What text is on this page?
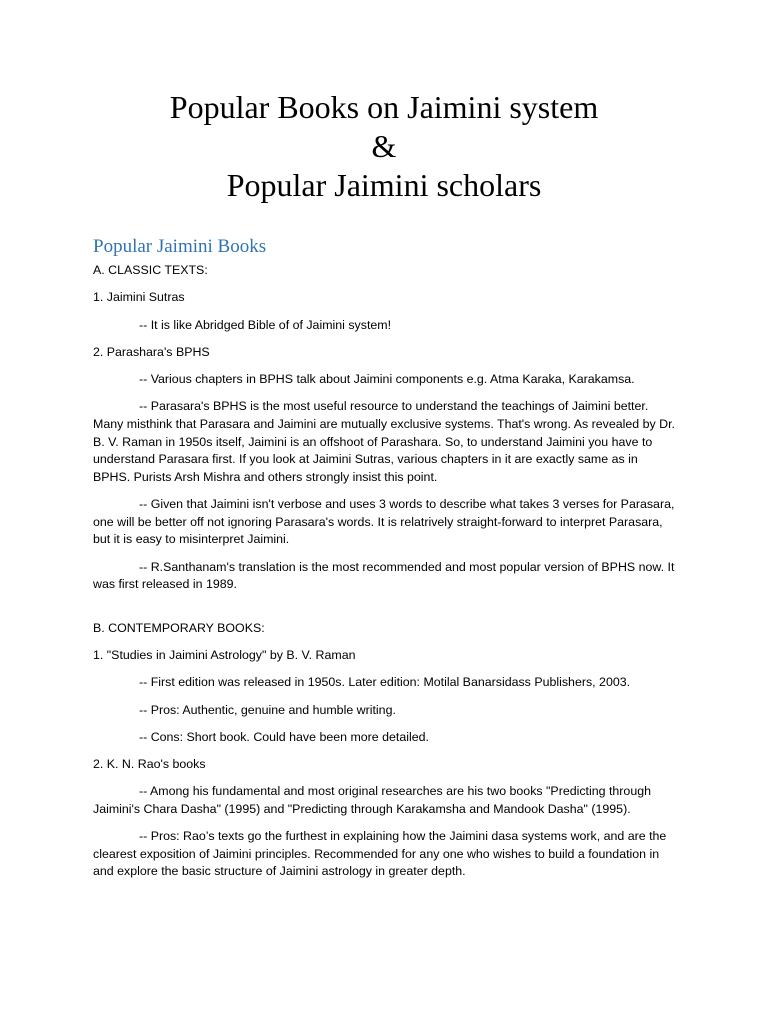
Popular Books on Jaimini system
&
Popular Jaimini scholars
Popular Jaimini Books

A. CLASSIC TEXTS:

1. Jaimini Sutras

-- It is like Abridged Bible of of Jaimini system!

2. Parashara's BPHS

-- Various chapters in BPHS talk about Jaimini components e.g. Atma Karaka, Karakamsa.

-- Parasara's BPHS is the most useful resource to understand the teachings of Jaimini better. Many misthink that Parasara and Jaimini are mutually exclusive systems. That's wrong. As revealed by Dr. B. V. Raman in 1950s itself, Jaimini is an offshoot of Parashara. So, to understand Jaimini you have to understand Parasara first. If you look at Jaimini Sutras, various chapters in it are exactly same as in BPHS. Purists Arsh Mishra and others strongly insist this point.

-- Given that Jaimini isn't verbose and uses 3 words to describe what takes 3 verses for Parasara, one will be better off not ignoring Parasara's words. It is relatrively straight-forward to interpret Parasara, but it is easy to misinterpret Jaimini.

-- R.Santhanam's translation is the most recommended and most popular version of BPHS now. It was first released in 1989.

B. CONTEMPORARY BOOKS:

1. "Studies in Jaimini Astrology" by B. V. Raman

-- First edition was released in 1950s. Later edition: Motilal Banarsidass Publishers, 2003.

-- Pros: Authentic, genuine and humble writing.

-- Cons: Short book. Could have been more detailed.

2. K. N. Rao's books

-- Among his fundamental and most original researches are his two books "Predicting through Jaimini's Chara Dasha" (1995) and "Predicting through Karakamsha and Mandook Dasha" (1995).

-- Pros: Rao’s texts go the furthest in explaining how the Jaimini dasa systems work, and are the clearest exposition of Jaimini principles. Recommended for any one who wishes to build a foundation in and explore the basic structure of Jaimini astrology in greater depth.
